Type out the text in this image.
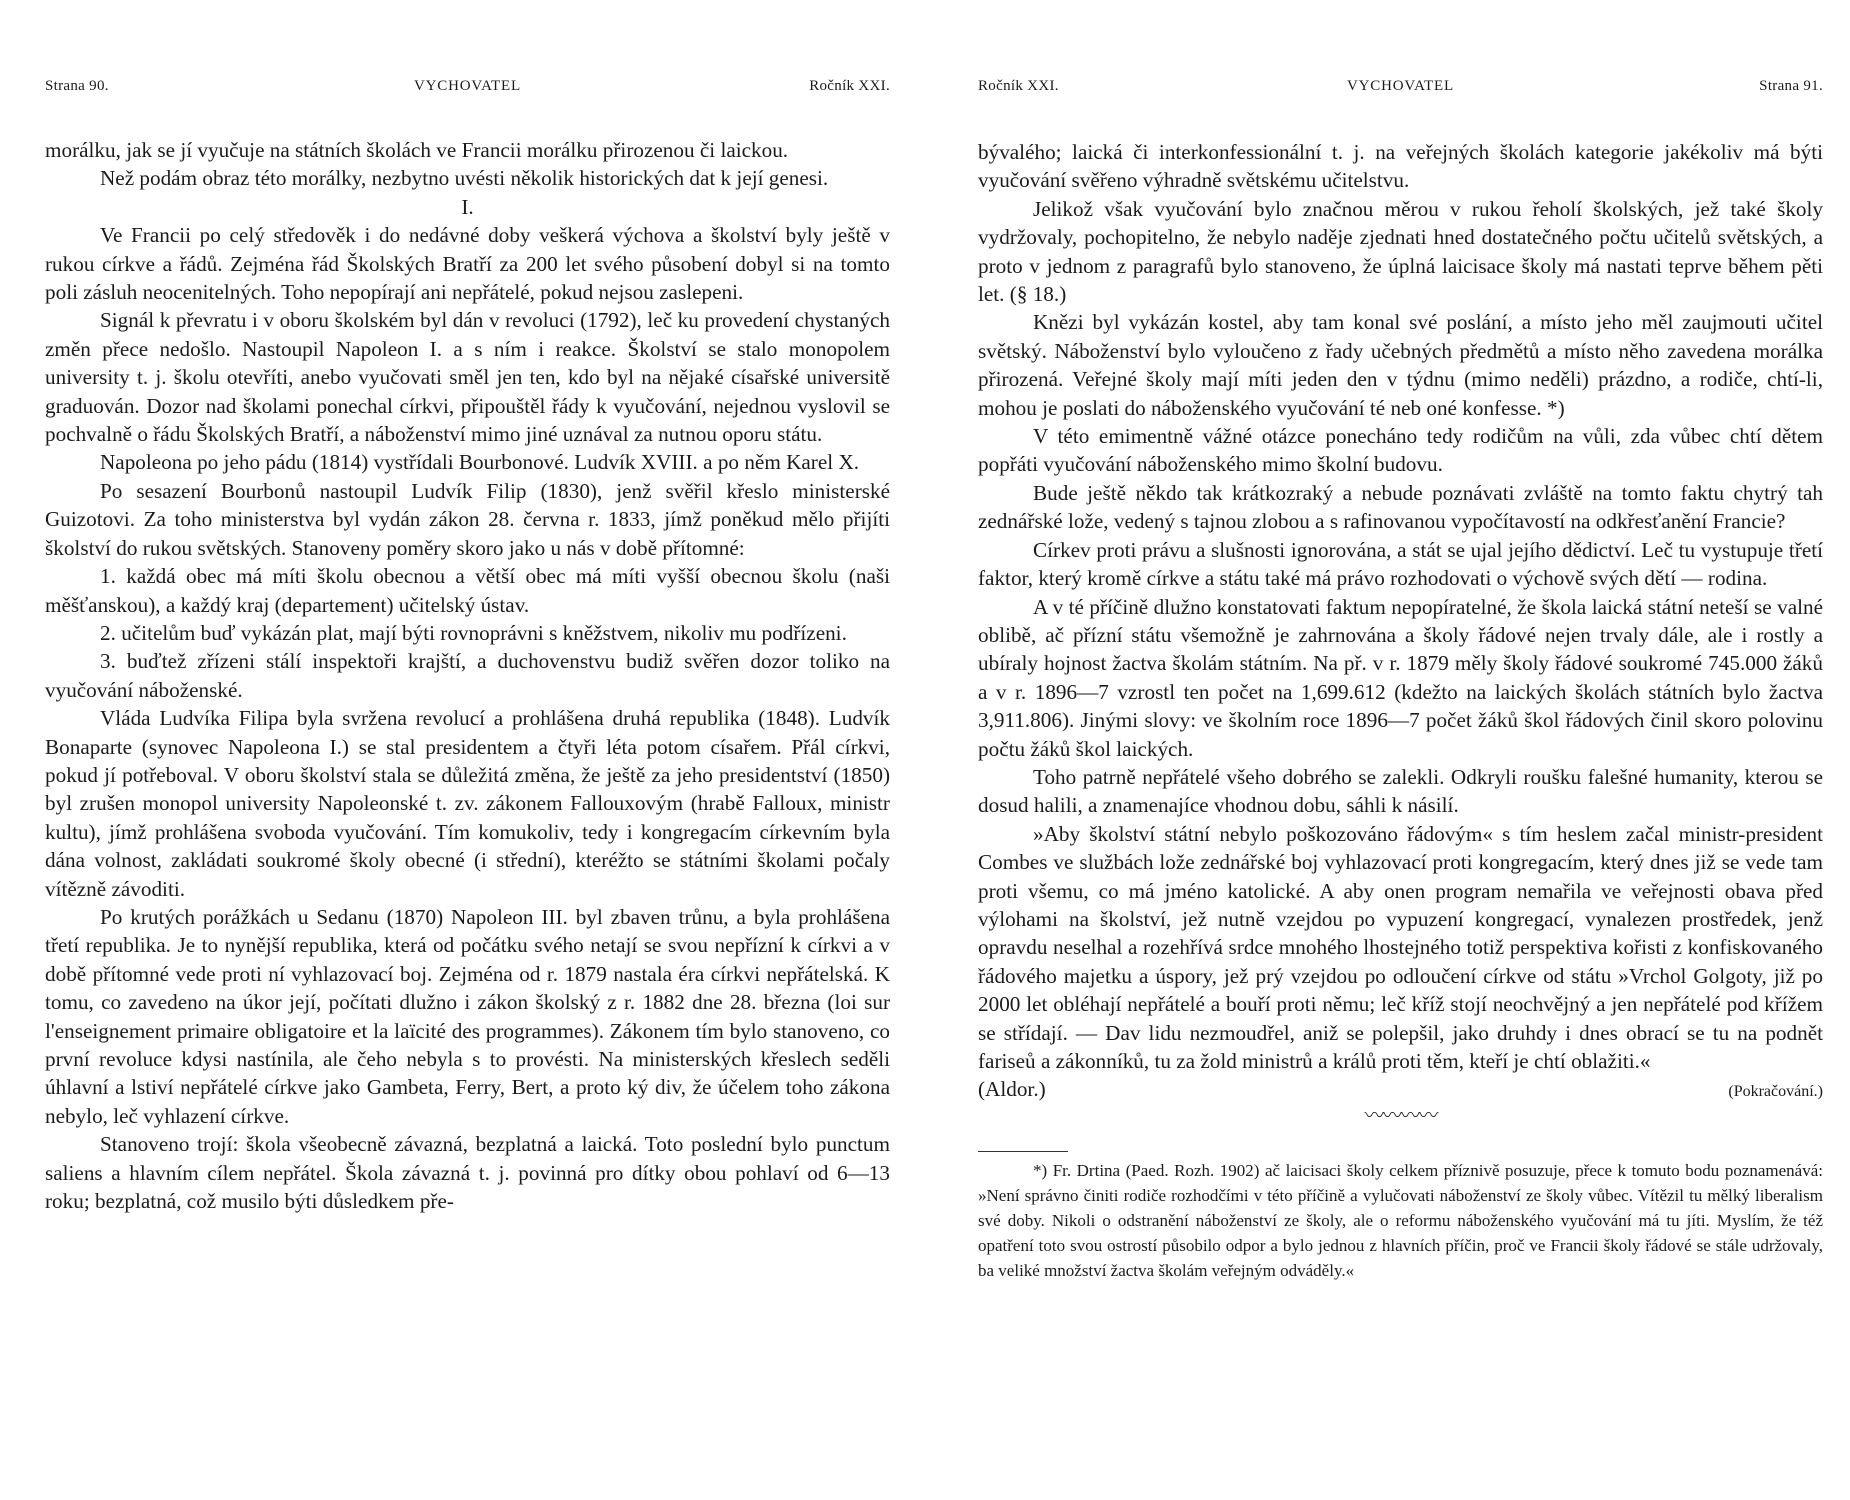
Strana 90.	VYCHOVATEL	Ročník XXI.

morálku, jak se jí vyučuje na státních školách ve Francii morálku přirozenou či laickou.

Než podám obraz této morálky, nezbytno uvésti několik historických dat k její genesi.

I.

Ve Francii po celý středověk i do nedávné doby veškerá výchova a školství byly ještě v rukou církve a řádů. Zejména řád Školských Bratří za 200 let svého působení dobyl si na tomto poli zásluh neocenitelných. Toho nepopírají ani nepřátelé, pokud nejsou zaslepeni.

Signál k převratu i v oboru školském byl dán v revoluci (1792), leč ku provedení chystaných změn přece nedošlo. Nastoupil Napoleon I. a s ním i reakce. Školství se stalo monopolem university t. j. školu otevříti, anebo vyučovati směl jen ten, kdo byl na nějaké císařské universitě graduován. Dozor nad školami ponechal církvi, připouštěl řády k vyučování, nejednou vyslovil se pochvalně o řádu Školských Bratří, a náboženství mimo jiné uznával za nutnou oporu státu.

Napoleona po jeho pádu (1814) vystřídali Bourbonové. Ludvík XVIII. a po něm Karel X.

Po sesazení Bourbonů nastoupil Ludvík Filip (1830), jenž svěřil křeslo ministerské Guizotovi. Za toho ministerstva byl vydán zákon 28. června r. 1833, jímž poněkud mělo přijíti školství do rukou světských. Stanoveny poměry skoro jako u nás v době přítomné:

1. každá obec má míti školu obecnou a větší obec má míti vyšší obecnou školu (naši měšťanskou), a každý kraj (departement) učitelský ústav.

2. učitelům buď vykázán plat, mají býti rovnoprávni s kněžstvem, nikoliv mu podřízeni.

3. buďtež zřízeni stálí inspektoři krajští, a duchovenstvu budiž svěřen dozor toliko na vyučování náboženské.

Vláda Ludvíka Filipa byla svržena revolucí a prohlášena druhá republika (1848). Ludvík Bonaparte (synovec Napoleona I.) se stal presidentem a čtyři léta potom císařem. Přál církvi, pokud jí potřeboval. V oboru školství stala se důležitá změna, že ještě za jeho presidentství (1850) byl zrušen monopol university Napoleonské t. zv. zákonem Fallouxovým (hrabě Falloux, ministr kultu), jímž prohlášena svoboda vyučování. Tím komukoliv, tedy i kongregacím církevním byla dána volnost, zakládati soukromé školy obecné (i střední), kteréžto se státními školami počaly vítězně závoditi.

Po krutých porážkách u Sedanu (1870) Napoleon III. byl zbaven trůnu, a byla prohlášena třetí republika. Je to nynější republika, která od počátku svého netají se svou nepřízní k církvi a v době přítomné vede proti ní vyhlazovací boj. Zejména od r. 1879 nastala éra církvi nepřátelská. K tomu, co zavedeno na úkor její, počítati dlužno i zákon školský z r. 1882 dne 28. března (loi sur l'enseignement primaire obligatoire et la laïcité des programmes). Zákonem tím bylo stanoveno, co první revoluce kdysi nastínila, ale čeho nebyla s to provésti. Na ministerských křeslech seděli úhlavní a lstiví nepřátelé církve jako Gambeta, Ferry, Bert, a proto ký div, že účelem toho zákona nebylo, leč vyhlazení církve.

Stanoveno trojí: škola všeobecně závazná, bezplatná a laická. Toto poslední bylo punctum saliens a hlavním cílem nepřátel. Škola závazná t. j. povinná pro dítky obou pohlaví od 6—13 roku; bezplatná, což musilo býti důsledkem pře-

Ročník XXI.	VYCHOVATEL	Strana 91.

bývalého; laická či interkonfessionální t. j. na veřejných školách kategorie jakékoliv má býti vyučování svěřeno výhradně světskému učitelstvu.

Jelikož však vyučování bylo značnou měrou v rukou řeholí školských, jež také školy vydržovaly, pochopitelno, že nebylo naděje zjednati hned dostatečného počtu učitelů světských, a proto v jednom z paragrafů bylo stanoveno, že úplná laicisace školy má nastati teprve během pěti let. (§ 18.)

Knězi byl vykázán kostel, aby tam konal své poslání, a místo jeho měl zaujmouti učitel světský. Náboženství bylo vyloučeno z řady učebných předmětů a místo něho zavedena morálka přirozená. Veřejné školy mají míti jeden den v týdnu (mimo neděli) prázdno, a rodiče, chtí-li, mohou je poslati do náboženského vyučování té neb oné konfesse. *)

V této emimentně vážné otázce ponecháno tedy rodičům na vůli, zda vůbec chtí dětem popřáti vyučování náboženského mimo školní budovu.

Bude ještě někdo tak krátkozraký a nebude poznávati zvláště na tomto faktu chytrý tah zednářské lože, vedený s tajnou zlobou a s rafinovanou vypočítavostí na odkřesťanění Francie?

Církev proti právu a slušnosti ignorována, a stát se ujal jejího dědictví. Leč tu vystupuje třetí faktor, který kromě církve a státu také má právo rozhodovati o výchově svých dětí — rodina.

A v té příčině dlužno konstatovati faktum nepopíratelné, že škola laická státní neteší se valné oblibě, ač přízní státu všemožně je zahrnována a školy řádové nejen trvaly dále, ale i rostly a ubíraly hojnost žactva školám státním. Na př. v r. 1879 měly školy řádové soukromé 745.000 žáků a v r. 1896—7 vzrostl ten počet na 1,699.612 (kdežto na laických školách státních bylo žactva 3,911.806). Jinými slovy: ve školním roce 1896—7 počet žáků škol řádových činil skoro polovinu počtu žáků škol laických.

Toho patrně nepřátelé všeho dobrého se zalekli. Odkryli roušku falešné humanity, kterou se dosud halili, a znamenajíce vhodnou dobu, sáhli k násilí.

»Aby školství státní nebylo poškozováno řádovým« s tím heslem začal ministr-president Combes ve službách lože zednářské boj vyhlazovací proti kongregacím, který dnes již se vede tam proti všemu, co má jméno katolické. A aby onen program nemařila ve veřejnosti obava před výlohami na školství, jež nutně vzejdou po vypuzení kongregací, vynalezen prostředek, jenž opravdu neselhal a rozehřívá srdce mnohého lhostejného totiž perspektiva kořisti z konfiskovaného řádového majetku a úspory, jež prý vzejdou po odloučení církve od státu »Vrchol Golgoty, již po 2000 let obléhají nepřátelé a bouří proti němu; leč kříž stojí neochvějný a jen nepřátelé pod křížem se střídají. — Dav lidu nezmoudřel, aniž se polepšil, jako druhdy i dnes obrací se tu na podnět fariseů a zákonníků, tu za žold ministrů a králů proti těm, kteří je chtí oblažiti.«

(Aldor.)	(Pokračování.)
〰〰〰〰

*) Fr. Drtina (Paed. Rozh. 1902) ač laicisaci školy celkem příznivě posuzuje, přece k tomuto bodu poznamenává: »Není správno činiti rodiče rozhodčími v této příčině a vylučovati náboženství ze školy vůbec. Vítězil tu mělký liberalism své doby. Nikoli o odstranění náboženství ze školy, ale o reformu náboženského vyučování má tu jíti. Myslím, že též opatření toto svou ostrostí působilo odpor a bylo jednou z hlavních příčin, proč ve Francii školy řádové se stále udržovaly, ba veliké množství žactva školám veřejným odváděly.«
